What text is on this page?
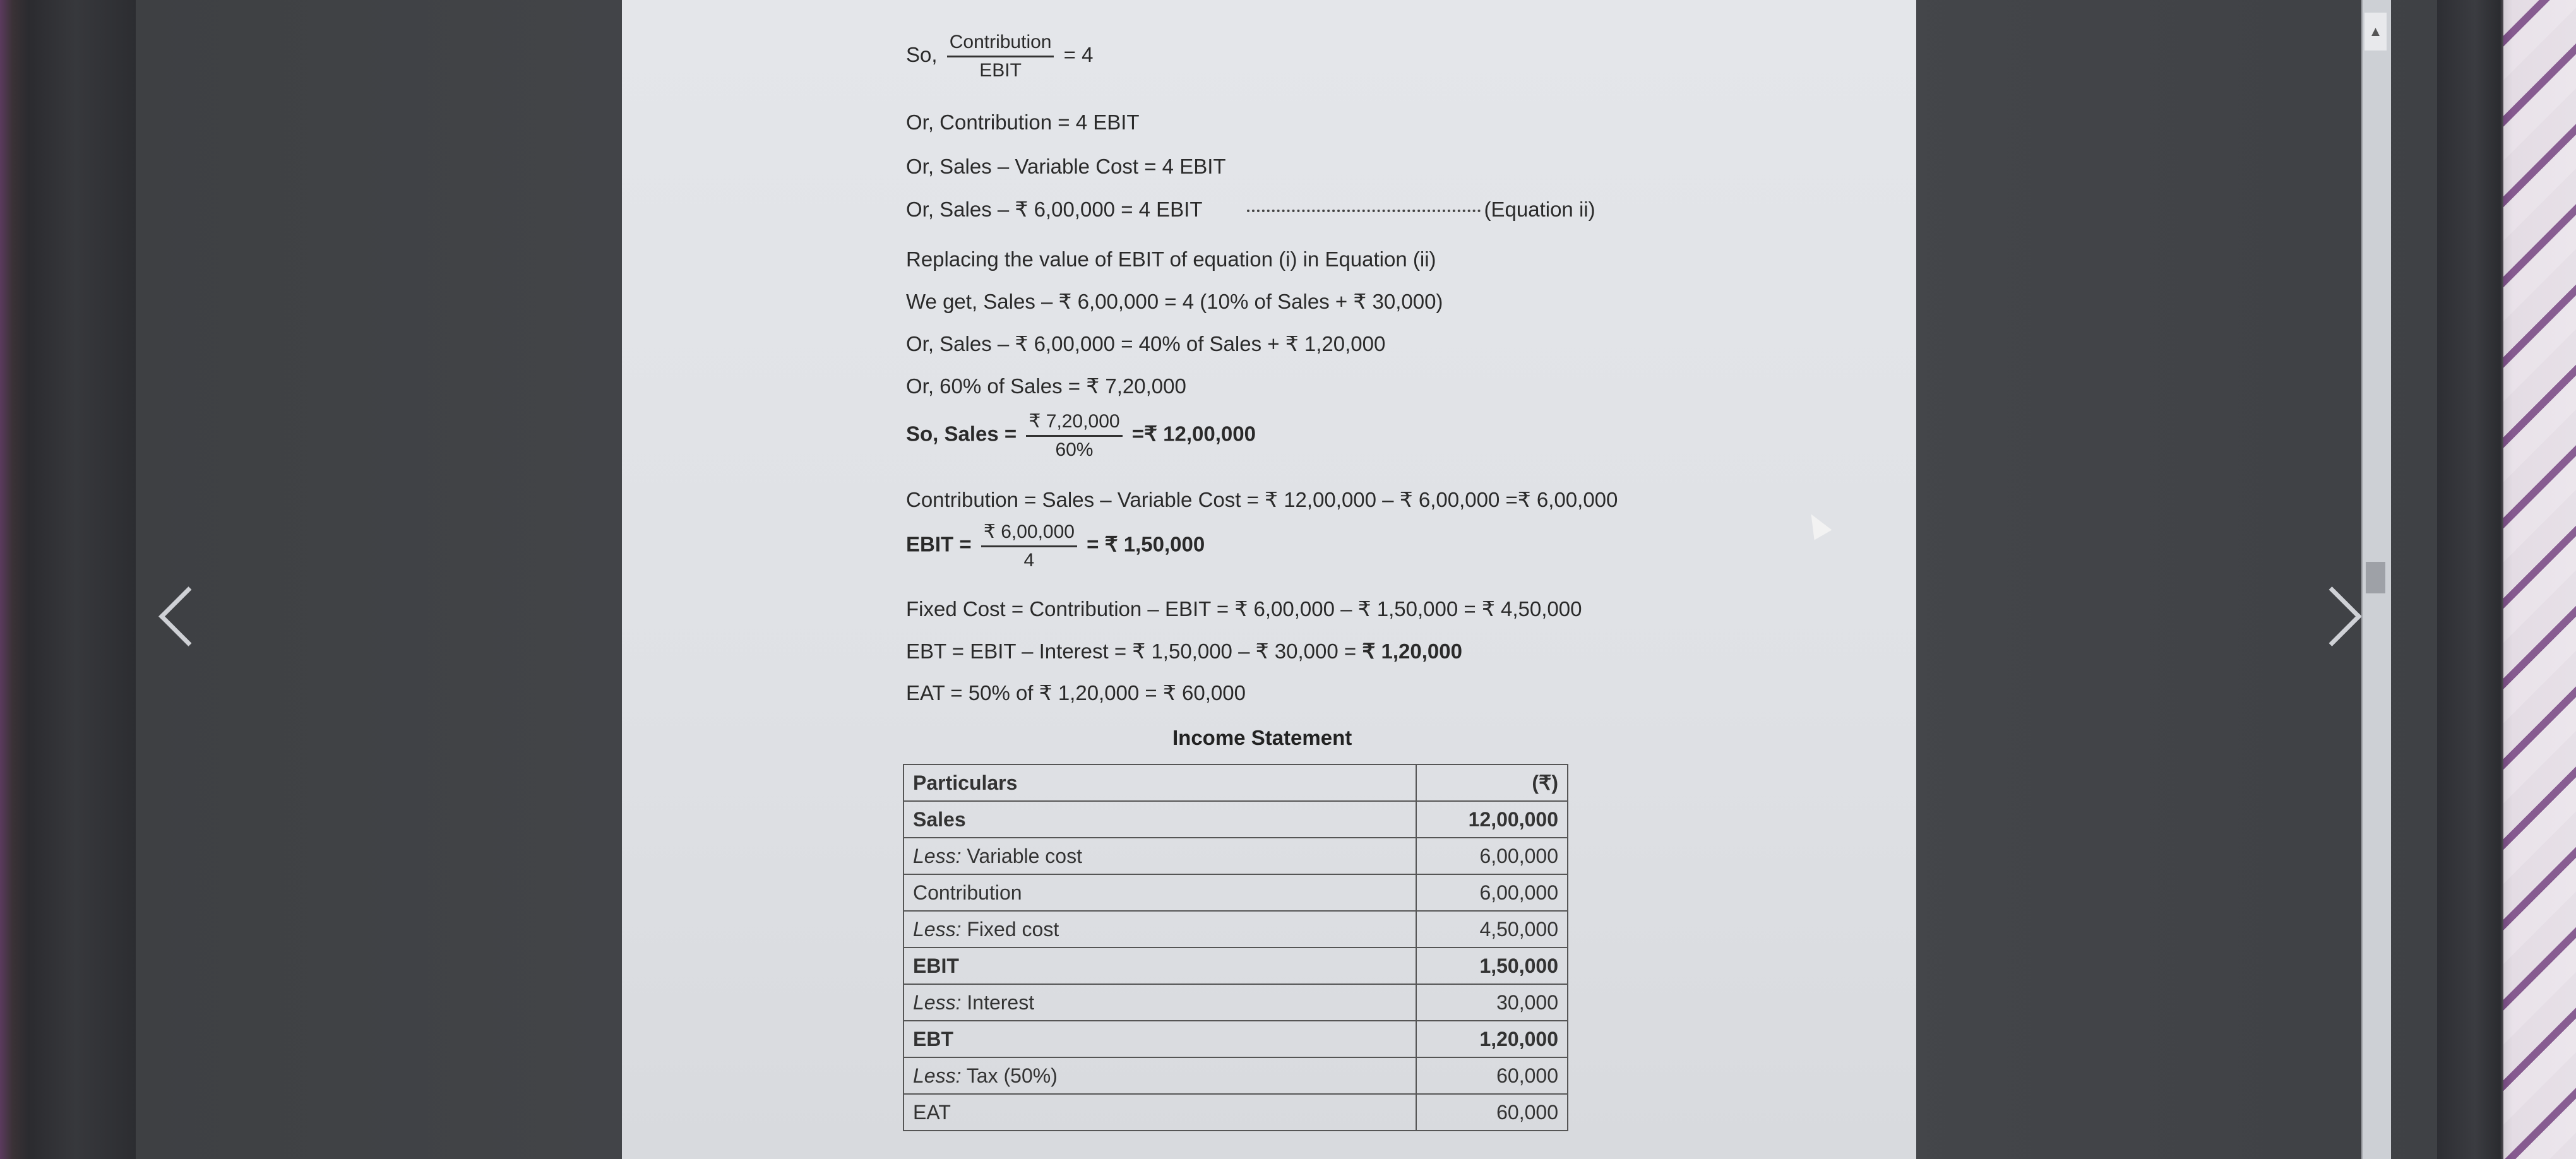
So, $\frac{\text{Contribution}}{\text{EBIT}} = 4$
Or, Contribution = 4 EBIT
Or, Sales – Variable Cost = 4 EBIT
Or, Sales – ₹ 6,00,000 = 4 EBIT	(Equation ii)
Replacing the value of EBIT of equation (i) in Equation (ii)
We get, Sales – ₹ 6,00,000 = 4 (10% of Sales + ₹ 30,000)
Or, Sales – ₹ 6,00,000 = 40% of Sales + ₹ 1,20,000
Or, 60% of Sales = ₹ 7,20,000
So, Sales = $\frac{₹ 7,20,000}{60\%}$ =₹ 12,00,000
Contribution = Sales – Variable Cost = ₹ 12,00,000 – ₹ 6,00,000 =₹ 6,00,000
EBIT = $\frac{₹ 6,00,000}{4}$ = ₹ 1,50,000
Fixed Cost = Contribution – EBIT = ₹ 6,00,000 – ₹ 1,50,000 = ₹ 4,50,000
EBT = EBIT – Interest = ₹ 1,50,000 – ₹ 30,000 = ₹ 1,20,000
EAT = 50% of ₹ 1,20,000 = ₹ 60,000
Income Statement
Particulars	(₹)
Sales	12,00,000
Less: Variable cost	6,00,000
Contribution	6,00,000
Less: Fixed cost	4,50,000
EBIT	1,50,000
Less: Interest	30,000
EBT	1,20,000
Less: Tax (50%)	60,000
EAT	60,000
▲
